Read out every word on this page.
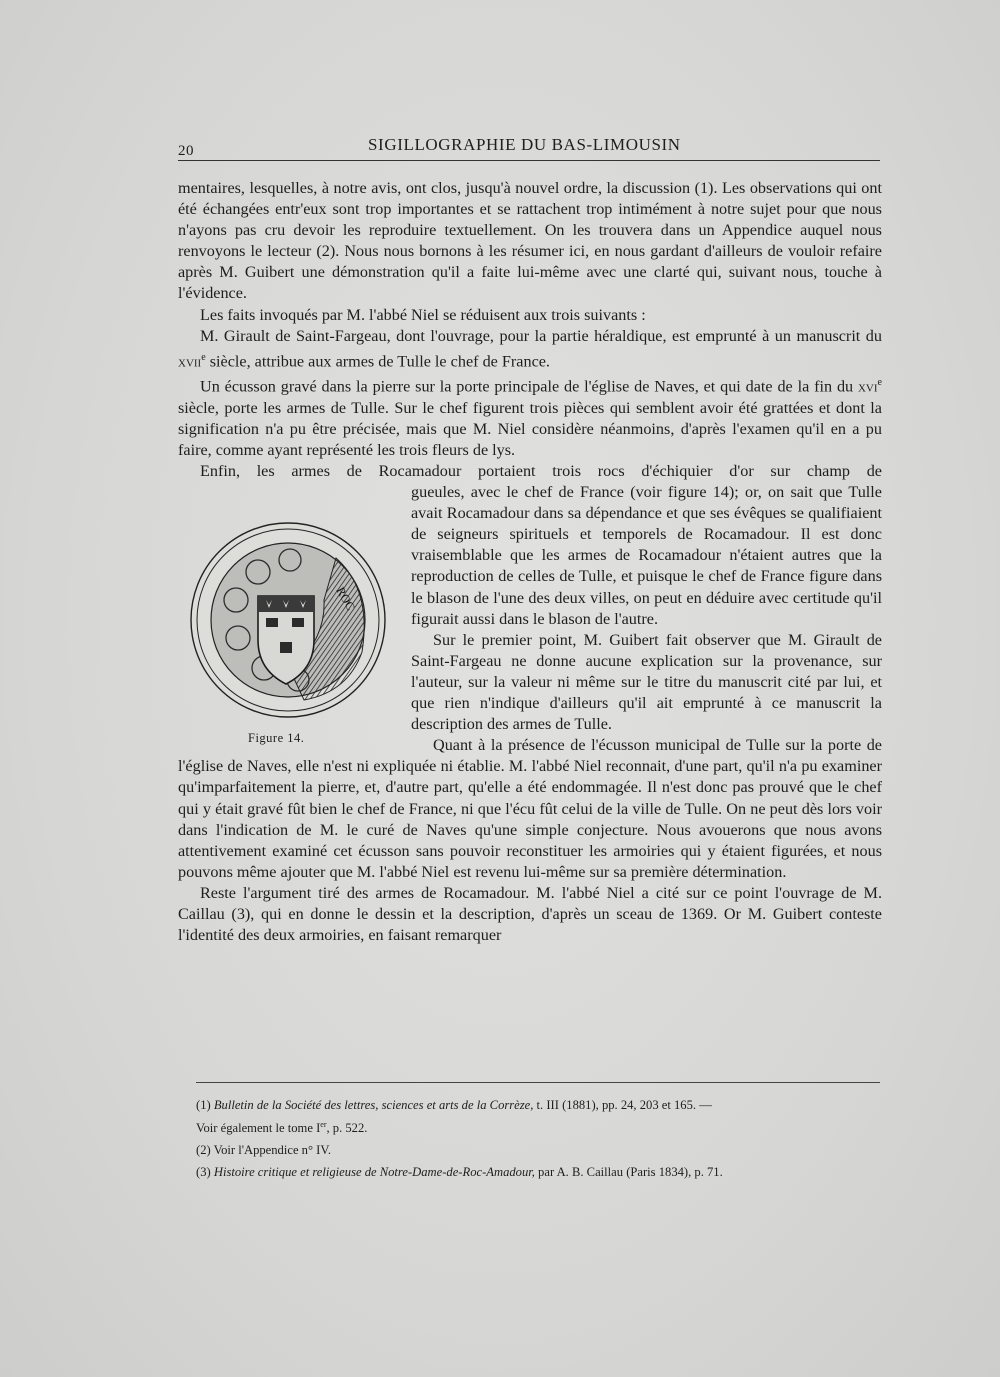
20	SIGILLOGRAPHIE DU BAS-LIMOUSIN

mentaires, lesquelles, à notre avis, ont clos, jusqu'à nouvel ordre, la discussion (1). Les observations qui ont été échangées entr'eux sont trop importantes et se rattachent trop intimément à notre sujet pour que nous n'ayons pas cru devoir les reproduire textuellement. On les trouvera dans un Appendice auquel nous renvoyons le lecteur (2). Nous nous bornons à les résumer ici, en nous gardant d'ailleurs de vouloir refaire après M. Guibert une démonstration qu'il a faite lui-même avec une clarté qui, suivant nous, touche à l'évidence.

Les faits invoqués par M. l'abbé Niel se réduisent aux trois suivants :

M. Girault de Saint-Fargeau, dont l'ouvrage, pour la partie héraldique, est emprunté à un manuscrit du xvii$^e$ siècle, attribue aux armes de Tulle le chef de France.

Un écusson gravé dans la pierre sur la porte principale de l'église de Naves, et qui date de la fin du xvi$^e$ siècle, porte les armes de Tulle. Sur le chef figurent trois pièces qui semblent avoir été grattées et dont la signification n'a pu être précisée, mais que M. Niel considère néanmoins, d'après l'examen qu'il en a pu faire, comme ayant représenté les trois fleurs de lys.

Enfin, les armes de Rocamadour portaient trois rocs d'échiquier d'or sur champ de

ROC
Figure 14.

gueules, avec le chef de France (voir figure 14); or, on sait que Tulle avait Rocamadour dans sa dépendance et que ses évêques se qualifiaient de seigneurs spirituels et temporels de Rocamadour. Il est donc vraisemblable que les armes de Rocamadour n'étaient autres que la reproduction de celles de Tulle, et puisque le chef de France figure dans le blason de l'une des deux villes, on peut en déduire avec certitude qu'il figurait aussi dans le blason de l'autre.

Sur le premier point, M. Guibert fait observer que M. Girault de Saint-Fargeau ne donne aucune explication sur la provenance, sur l'auteur, sur la valeur ni même sur le titre du manuscrit cité par lui, et que rien n'indique d'ailleurs qu'il ait emprunté à ce manuscrit la description des armes de Tulle.

Quant à la présence de l'écusson municipal de Tulle sur la porte de l'église de Naves, elle n'est ni expliquée ni établie. M. l'abbé Niel reconnait, d'une part, qu'il n'a pu examiner qu'imparfaitement la pierre, et, d'autre part, qu'elle a été endommagée. Il n'est donc pas prouvé que le chef qui y était gravé fût bien le chef de France, ni que l'écu fût celui de la ville de Tulle. On ne peut dès lors voir dans l'indication de M. le curé de Naves qu'une simple conjecture. Nous avouerons que nous avons attentivement examiné cet écusson sans pouvoir reconstituer les armoiries qui y étaient figurées, et nous pouvons même ajouter que M. l'abbé Niel est revenu lui-même sur sa première détermination.

Reste l'argument tiré des armes de Rocamadour. M. l'abbé Niel a cité sur ce point l'ouvrage de M. Caillau (3), qui en donne le dessin et la description, d'après un sceau de 1369. Or M. Guibert conteste l'identité des deux armoiries, en faisant remarquer

(1) Bulletin de la Société des lettres, sciences et arts de la Corrèze, t. III (1881), pp. 24, 203 et 165. —
Voir également le tome Ier, p. 522.

(2) Voir l'Appendice n° IV.

(3) Histoire critique et religieuse de Notre-Dame-de-Roc-Amadour, par A. B. Caillau (Paris 1834), p. 71.
